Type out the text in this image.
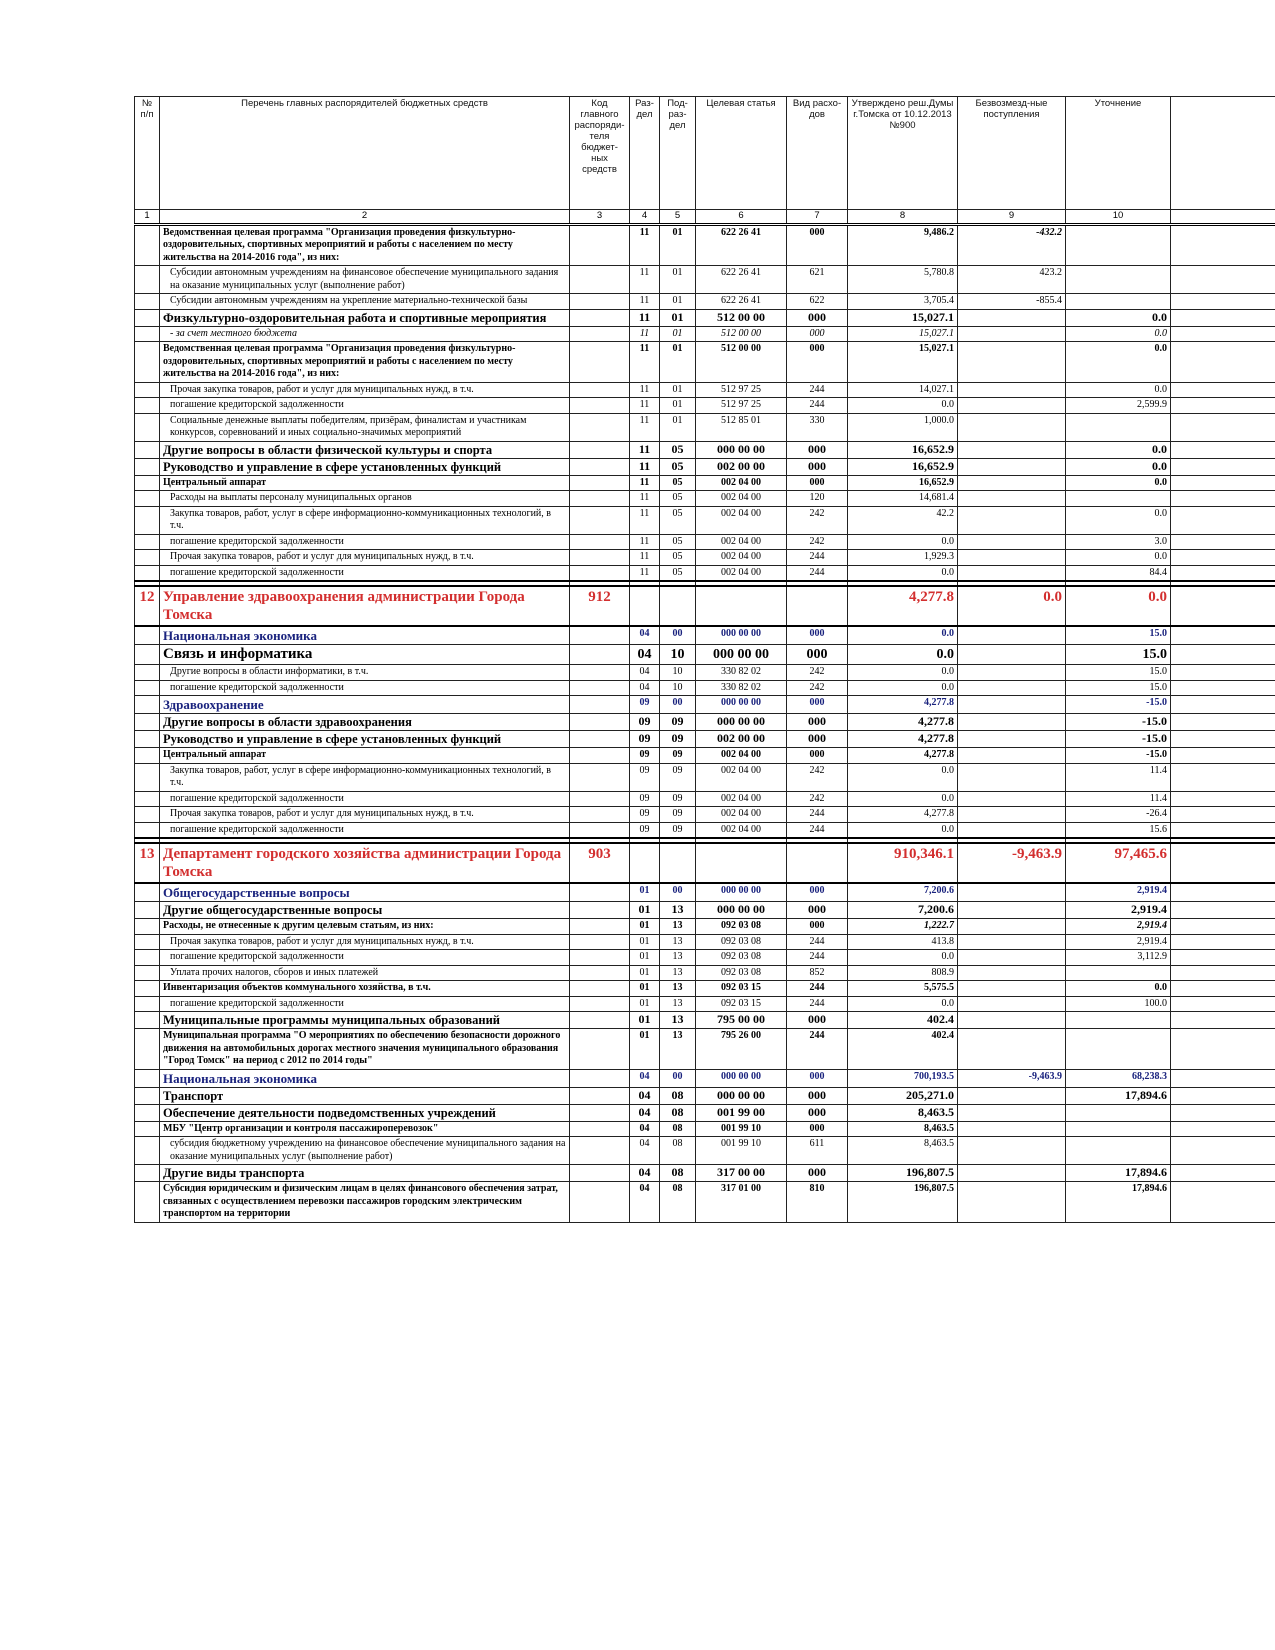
№ п/п	Перечень главных распорядителей бюджетных средств	Код главного распоряди-теля бюджет-ных средств	Раз-дел	Под-раз-дел	Целевая статья	Вид расхо-дов	Утверждено реш.Думы г.Томска от 10.12.2013 №900	Безвозмезд-ные поступления	Уточнение	
1	2	3	4	5	6	7	8	9	10	
	Ведомственная целевая программа "Организация проведения физкультурно-оздоровительных, спортивных мероприятий и работы с населением по месту жительства на 2014-2016 года", из них:		11	01	622 26 41	000	9,486.2	-432.2		
	Субсидии автономным учреждениям на финансовое обеспечение муниципального задания на оказание муниципальных услуг (выполнение работ)		11	01	622 26 41	621	5,780.8	423.2		
	Субсидии автономным учреждениям на укрепление материально-технической базы		11	01	622 26 41	622	3,705.4	-855.4		
	Физкультурно-оздоровительная работа и спортивные мероприятия		11	01	512 00 00	000	15,027.1		0.0	
	- за счет местного бюджета		11	01	512 00 00	000	15,027.1		0.0	
	Ведомственная целевая программа "Организация проведения физкультурно-оздоровительных, спортивных мероприятий и работы с населением по месту жительства на 2014-2016 года", из них:		11	01	512 00 00	000	15,027.1		0.0	
	Прочая закупка товаров, работ и услуг для муниципальных нужд, в т.ч.		11	01	512 97 25	244	14,027.1		0.0	
	погашение кредиторской задолженности		11	01	512 97 25	244	0.0		2,599.9	
	Социальные денежные выплаты победителям, призёрам, финалистам и участникам конкурсов, соревнований и иных социально-значимых мероприятий		11	01	512 85 01	330	1,000.0			
	Другие вопросы в области физической культуры и спорта		11	05	000 00 00	000	16,652.9		0.0	
	Руководство и управление в сфере установленных функций		11	05	002 00 00	000	16,652.9		0.0	
	Центральный аппарат		11	05	002 04 00	000	16,652.9		0.0	
	Расходы на выплаты персоналу муниципальных органов		11	05	002 04 00	120	14,681.4			
	Закупка товаров, работ, услуг в сфере информационно-коммуникационных технологий, в т.ч.		11	05	002 04 00	242	42.2		0.0	
	погашение кредиторской задолженности		11	05	002 04 00	242	0.0		3.0	
	Прочая закупка товаров, работ и услуг для муниципальных нужд, в т.ч.		11	05	002 04 00	244	1,929.3		0.0	
	погашение кредиторской задолженности		11	05	002 04 00	244	0.0		84.4	

12	Управление здравоохранения администрации Города Томска	912					4,277.8	0.0	0.0	
	Национальная экономика		04	00	000 00 00	000	0.0		15.0	
	Связь и информатика		04	10	000 00 00	000	0.0		15.0	
	Другие вопросы в области информатики, в т.ч.		04	10	330 82 02	242	0.0		15.0	
	погашение кредиторской задолженности		04	10	330 82 02	242	0.0		15.0	
	Здравоохранение		09	00	000 00 00	000	4,277.8		-15.0	
	Другие вопросы в области здравоохранения		09	09	000 00 00	000	4,277.8		-15.0	
	Руководство и управление в сфере установленных функций		09	09	002 00 00	000	4,277.8		-15.0	
	Центральный аппарат		09	09	002 04 00	000	4,277.8		-15.0	
	Закупка товаров, работ, услуг в сфере информационно-коммуникационных технологий, в т.ч.		09	09	002 04 00	242	0.0		11.4	
	погашение кредиторской задолженности		09	09	002 04 00	242	0.0		11.4	
	Прочая закупка товаров, работ и услуг для муниципальных нужд, в т.ч.		09	09	002 04 00	244	4,277.8		-26.4	
	погашение кредиторской задолженности		09	09	002 04 00	244	0.0		15.6	

13	Департамент городского хозяйства администрации Города Томска	903					910,346.1	-9,463.9	97,465.6	
	Общегосударственные вопросы		01	00	000 00 00	000	7,200.6		2,919.4	
	Другие общегосударственные вопросы		01	13	000 00 00	000	7,200.6		2,919.4	
	Расходы, не отнесенные к другим целевым статьям, из них:		01	13	092 03 08	000	1,222.7		2,919.4	
	Прочая закупка товаров, работ и услуг для муниципальных нужд, в т.ч.		01	13	092 03 08	244	413.8		2,919.4	
	погашение кредиторской задолженности		01	13	092 03 08	244	0.0		3,112.9	
	Уплата прочих налогов, сборов и иных платежей		01	13	092 03 08	852	808.9			
	Инвентаризация объектов коммунального хозяйства, в т.ч.		01	13	092 03 15	244	5,575.5		0.0	
	погашение кредиторской задолженности		01	13	092 03 15	244	0.0		100.0	
	Муниципальные программы муниципальных образований		01	13	795 00 00	000	402.4			
	Муниципальная программа "О мероприятиях по обеспечению безопасности дорожного движения на автомобильных дорогах местного значения муниципального образования "Город Томск" на период с 2012 по 2014 годы"		01	13	795 26 00	244	402.4			
	Национальная экономика		04	00	000 00 00	000	700,193.5	-9,463.9	68,238.3	
	Транспорт		04	08	000 00 00	000	205,271.0		17,894.6	
	Обеспечение деятельности подведомственных учреждений		04	08	001 99 00	000	8,463.5			
	МБУ "Центр организации и контроля пассажироперевозок"		04	08	001 99 10	000	8,463.5			
	субсидия бюджетному учреждению на финансовое обеспечение муниципального задания на оказание муниципальных услуг (выполнение работ)		04	08	001 99 10	611	8,463.5			
	Другие виды транспорта		04	08	317 00 00	000	196,807.5		17,894.6	
	Субсидия юридическим и физическим лицам в целях финансового обеспечения затрат, связанных с осуществлением перевозки пассажиров городским электрическим транспортом на территории		04	08	317 01 00	810	196,807.5		17,894.6	
